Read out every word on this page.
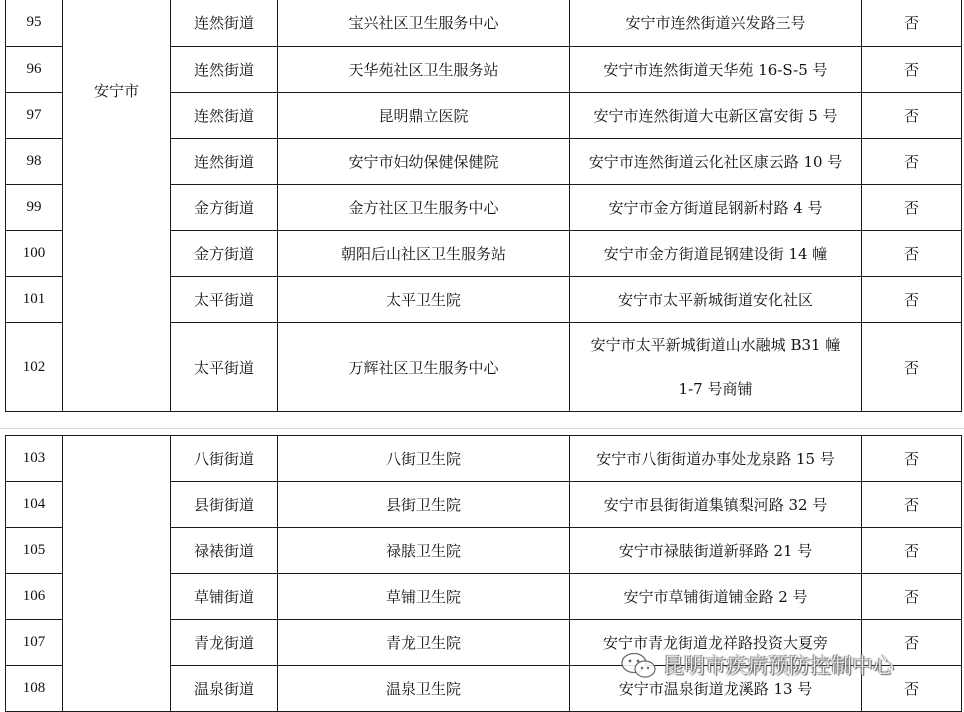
95	安宁市	连然街道	宝兴社区卫生服务中心	安宁市连然街道兴发路三号	否
96		连然街道	天华苑社区卫生服务站	安宁市连然街道天华苑 16-S-5 号	否
97		连然街道	昆明鼎立医院	安宁市连然街道大屯新区富安街 5 号	否
98		连然街道	安宁市妇幼保健保健院	安宁市连然街道云化社区康云路 10 号	否
99		金方街道	金方社区卫生服务中心	安宁市金方街道昆钢新村路 4 号	否
100		金方街道	朝阳后山社区卫生服务站	安宁市金方街道昆钢建设街 14 幢	否
101		太平街道	太平卫生院	安宁市太平新城街道安化社区	否
102		太平街道	万辉社区卫生服务中心	安宁市太平新城街道山水融城 B31 幢 1-7 号商铺	否
103		八街街道	八街卫生院	安宁市八街街道办事处龙泉路 15 号	否
104		县街街道	县街卫生院	安宁市县街街道集镇梨河路 32 号	否
105		禄裱街道	禄脿卫生院	安宁市禄脿街道新驿路 21 号	否
106		草铺街道	草铺卫生院	安宁市草铺街道铺金路 2 号	否
107		青龙街道	青龙卫生院	安宁市青龙街道龙祥路投资大夏旁	否
108		温泉街道	温泉卫生院	安宁市温泉街道龙溪路 13 号	否
昆明市疾病预防控制中心
